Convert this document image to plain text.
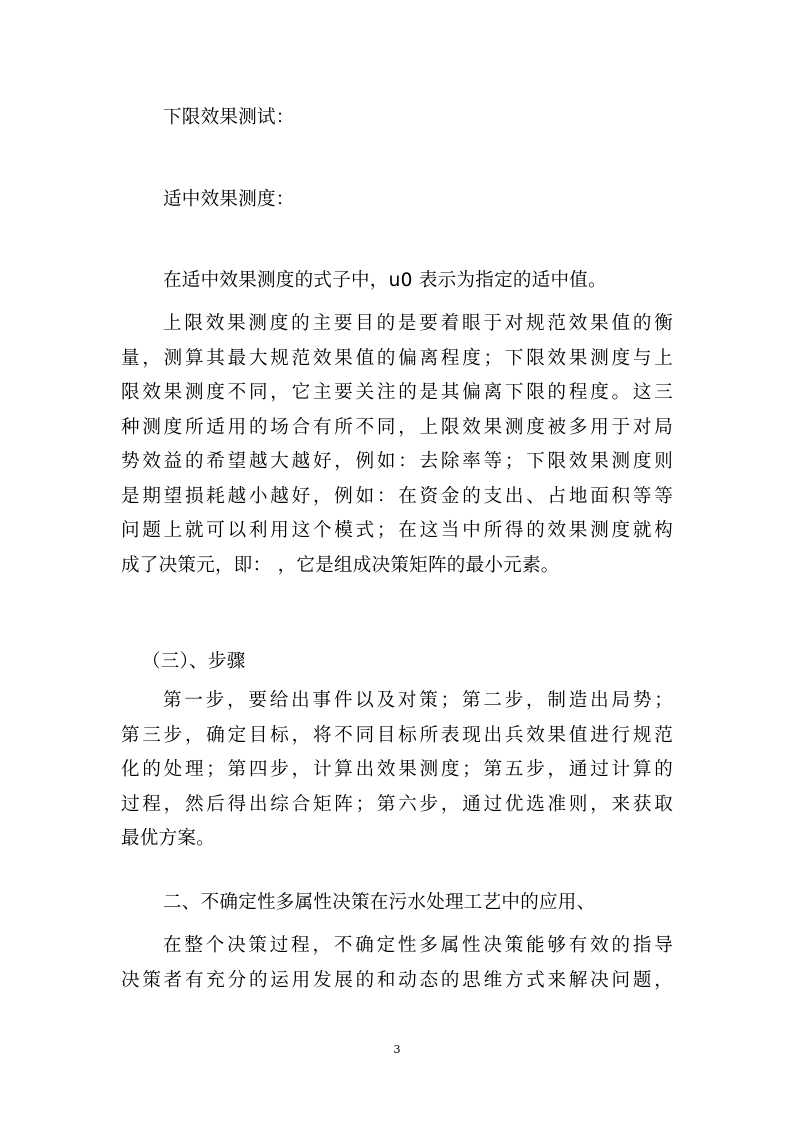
下限效果测试：

适中效果测度：

在适中效果测度的式子中，u0 表示为指定的适中值。

上限效果测度的主要目的是要着眼于对规范效果值的衡
量，测算其最大规范效果值的偏离程度；下限效果测度与上
限效果测度不同，它主要关注的是其偏离下限的程度。这三
种测度所适用的场合有所不同，上限效果测度被多用于对局
势效益的希望越大越好，例如：去除率等；下限效果测度则
是期望损耗越小越好，例如：在资金的支出、占地面积等等
问题上就可以利用这个模式；在这当中所得的效果测度就构
成了决策元，即： ，它是组成决策矩阵的最小元素。

（三）、步骤

第一步，要给出事件以及对策；第二步，制造出局势；
第三步，确定目标，将不同目标所表现出兵效果值进行规范
化的处理；第四步，计算出效果测度；第五步，通过计算的
过程，然后得出综合矩阵；第六步，通过优选准则，来获取
最优方案。

二、不确定性多属性决策在污水处理工艺中的应用、

在整个决策过程，不确定性多属性决策能够有效的指导
决策者有充分的运用发展的和动态的思维方式来解决问题，
3
